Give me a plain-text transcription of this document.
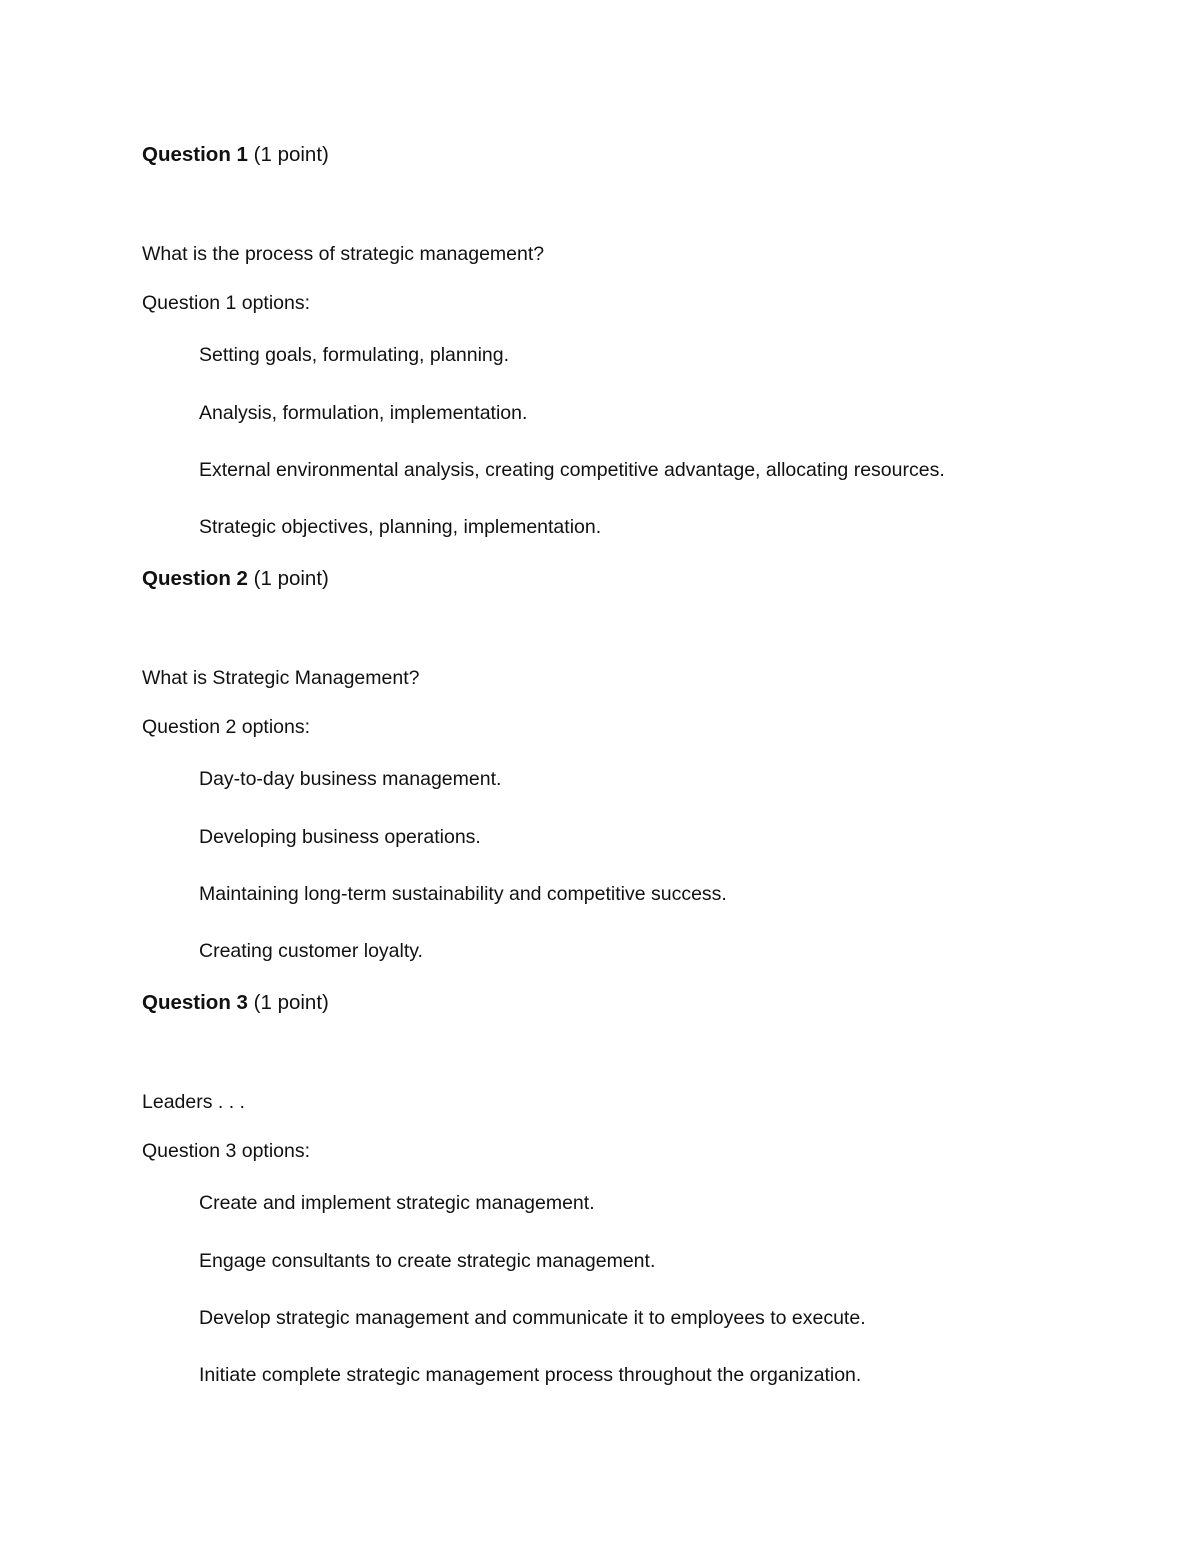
Question 1 (1 point)
What is the process of strategic management?
Question 1 options:
Setting goals, formulating, planning.
Analysis, formulation, implementation.
External environmental analysis, creating competitive advantage, allocating resources.
Strategic objectives, planning, implementation.
Question 2 (1 point)
What is Strategic Management?
Question 2 options:
Day-to-day business management.
Developing business operations.
Maintaining long-term sustainability and competitive success.
Creating customer loyalty.
Question 3 (1 point)
Leaders . . .
Question 3 options:
Create and implement strategic management.
Engage consultants to create strategic management.
Develop strategic management and communicate it to employees to execute.
Initiate complete strategic management process throughout the organization.
